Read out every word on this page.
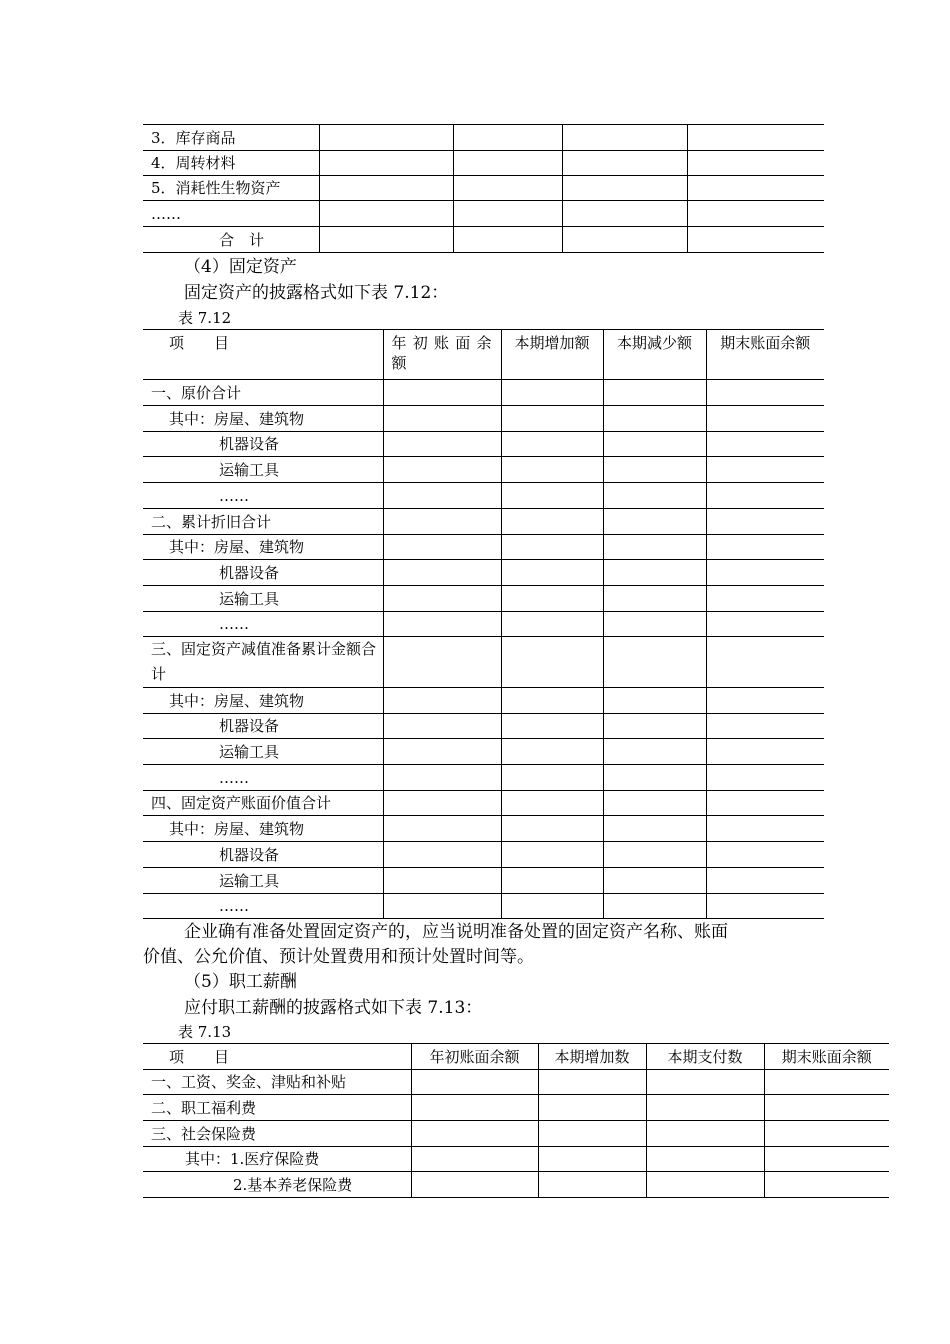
3．库存商品				
4．周转材料				
5．消耗性生物资产				
……				
合　计				
（4）固定资产
固定资产的披露格式如下表 7.12：
表 7.12
项　　目	年初账面余额	本期增加额	本期减少额	期末账面余额
一、原价合计				
其中：房屋、建筑物				
机器设备				
运输工具				
……				
二、累计折旧合计				
其中：房屋、建筑物				
机器设备				
运输工具				
……				
三、固定资产减值准备累计金额合计				
其中：房屋、建筑物				
机器设备				
运输工具				
……				
四、固定资产账面价值合计				
其中：房屋、建筑物				
机器设备				
运输工具				
……				
企业确有准备处置固定资产的，应当说明准备处置的固定资产名称、账面
价值、公允价值、预计处置费用和预计处置时间等。
（5）职工薪酬
应付职工薪酬的披露格式如下表 7.13：
表 7.13
项　　目	年初账面余额	本期增加数	本期支付数	期末账面余额
一、工资、奖金、津贴和补贴				
二、职工福利费				
三、社会保险费				
其中：1.医疗保险费				
2.基本养老保险费				
